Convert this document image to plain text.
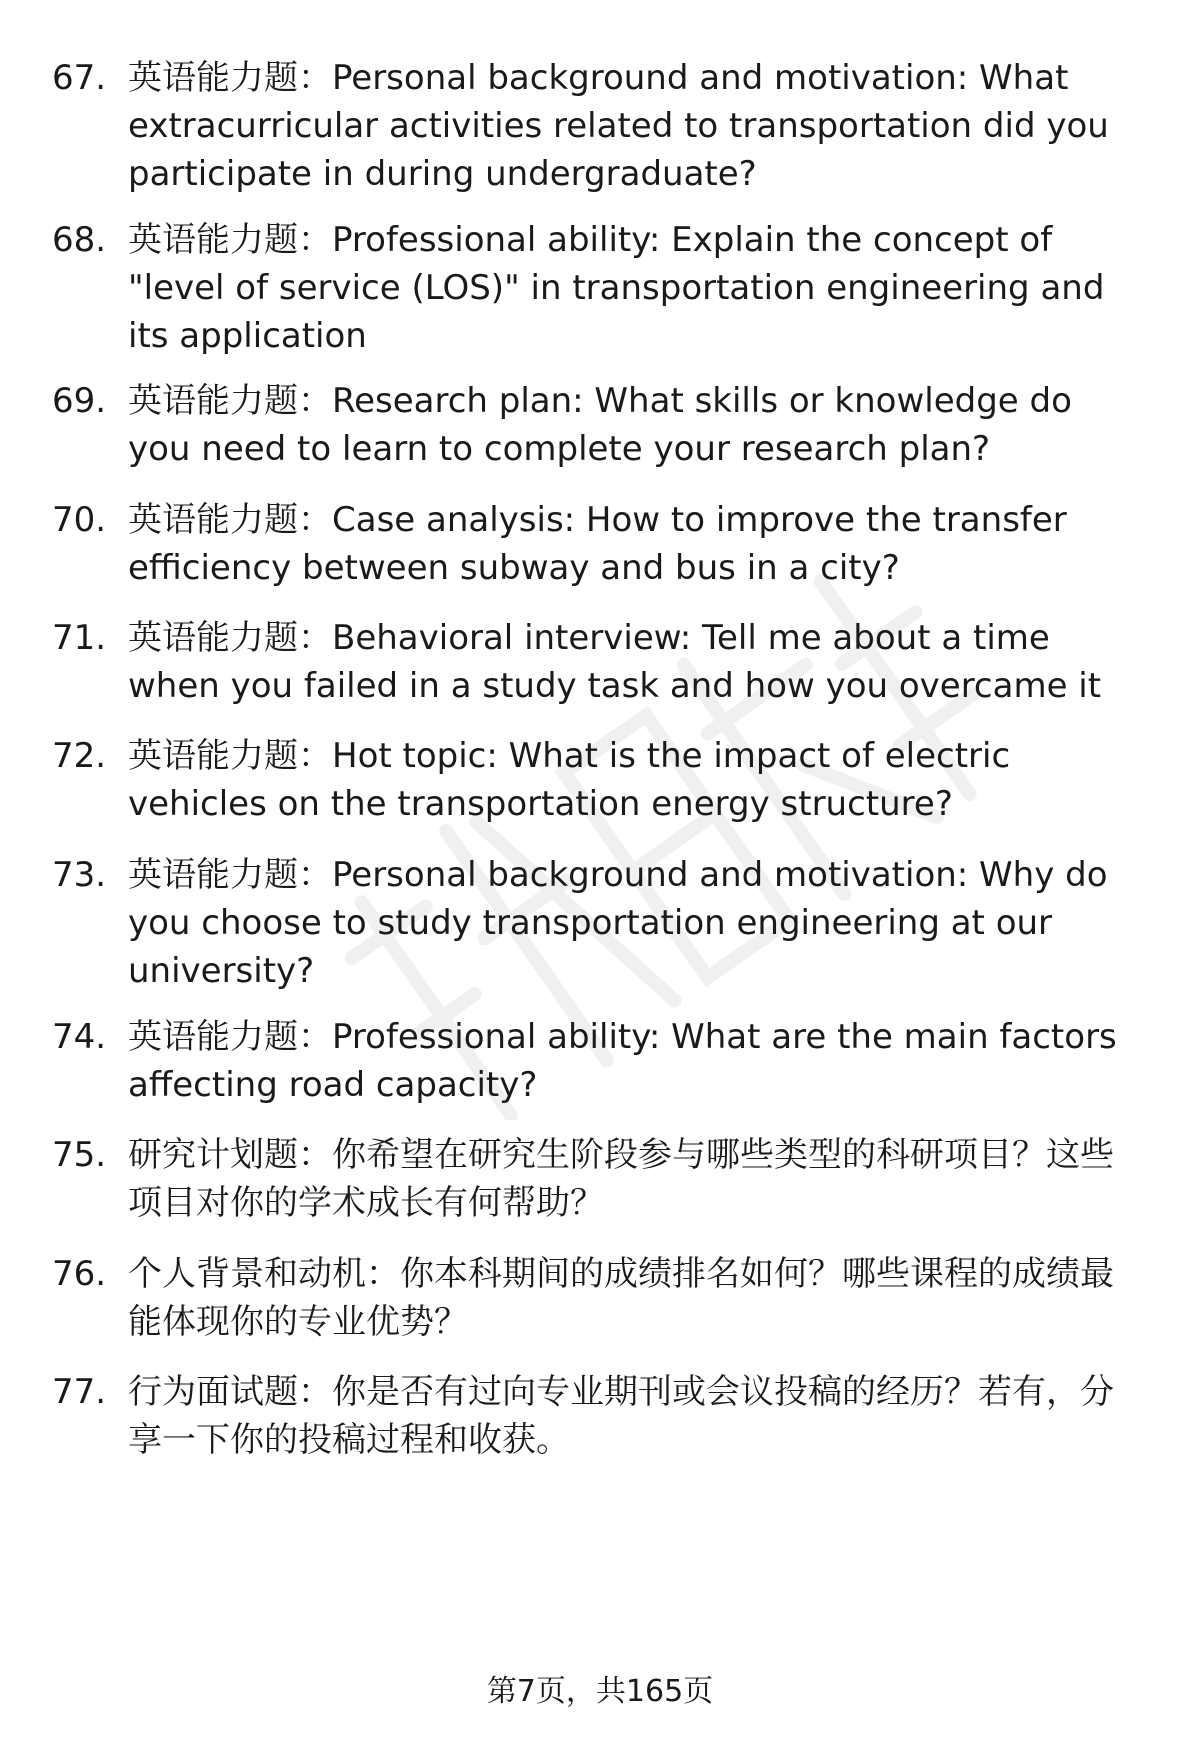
67. 英语能力题：Personal background and motivation: What extracurricular activities related to transportation did you participate in during undergraduate?
68. 英语能力题：Professional ability: Explain the concept of "level of service (LOS)" in transportation engineering and its application
69. 英语能力题：Research plan: What skills or knowledge do you need to learn to complete your research plan?
70. 英语能力题：Case analysis: How to improve the transfer efficiency between subway and bus in a city?
71. 英语能力题：Behavioral interview: Tell me about a time when you failed in a study task and how you overcame it
72. 英语能力题：Hot topic: What is the impact of electric vehicles on the transportation energy structure?
73. 英语能力题：Personal background and motivation: Why do you choose to study transportation engineering at our university?
74. 英语能力题：Professional ability: What are the main factors affecting road capacity?
75. 研究计划题：你希望在研究生阶段参与哪些类型的科研项目？这些项目对你的学术成长有何帮助？
76. 个人背景和动机：你本科期间的成绩排名如何？哪些课程的成绩最能体现你的专业优势？
77. 行为面试题：你是否有过向专业期刊或会议投稿的经历？若有，分享一下你的投稿过程和收获。
第7页，共165页
